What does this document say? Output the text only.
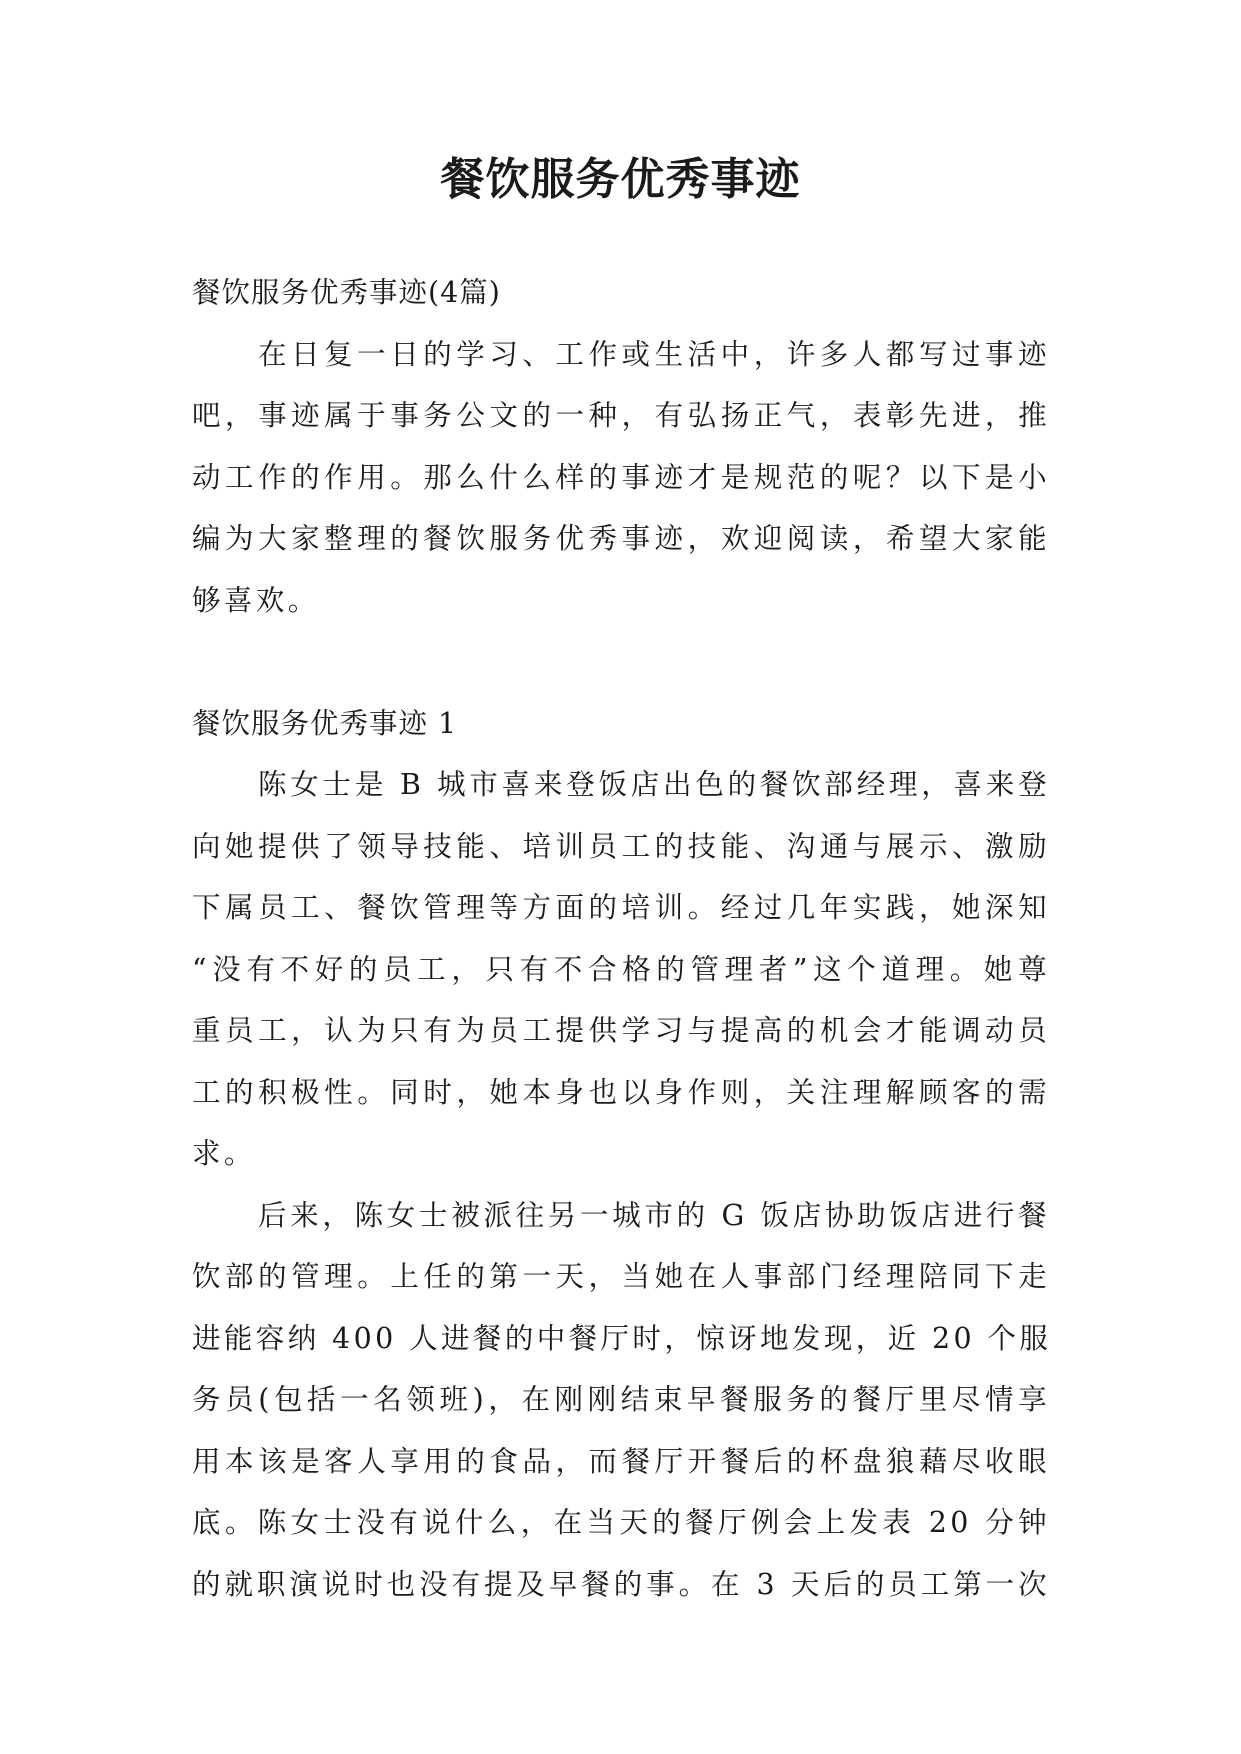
餐饮服务优秀事迹
餐饮服务优秀事迹(4篇)
在日复一日的学习、工作或生活中，许多人都写过事迹
吧，事迹属于事务公文的一种，有弘扬正气，表彰先进，推
动工作的作用。那么什么样的事迹才是规范的呢？以下是小
编为大家整理的餐饮服务优秀事迹，欢迎阅读，希望大家能
够喜欢。
餐饮服务优秀事迹 1
陈女士是 B 城市喜来登饭店出色的餐饮部经理，喜来登
向她提供了领导技能、培训员工的技能、沟通与展示、激励
下属员工、餐饮管理等方面的培训。经过几年实践，她深知
“没有不好的员工，只有不合格的管理者”这个道理。她尊
重员工，认为只有为员工提供学习与提高的机会才能调动员
工的积极性。同时，她本身也以身作则，关注理解顾客的需
求。
后来，陈女士被派往另一城市的 G 饭店协助饭店进行餐
饮部的管理。上任的第一天，当她在人事部门经理陪同下走
进能容纳 400 人进餐的中餐厅时，惊讶地发现，近 20 个服
务员(包括一名领班)，在刚刚结束早餐服务的餐厅里尽情享
用本该是客人享用的食品，而餐厅开餐后的杯盘狼藉尽收眼
底。陈女士没有说什么，在当天的餐厅例会上发表 20 分钟
的就职演说时也没有提及早餐的事。在 3 天后的员工第一次
